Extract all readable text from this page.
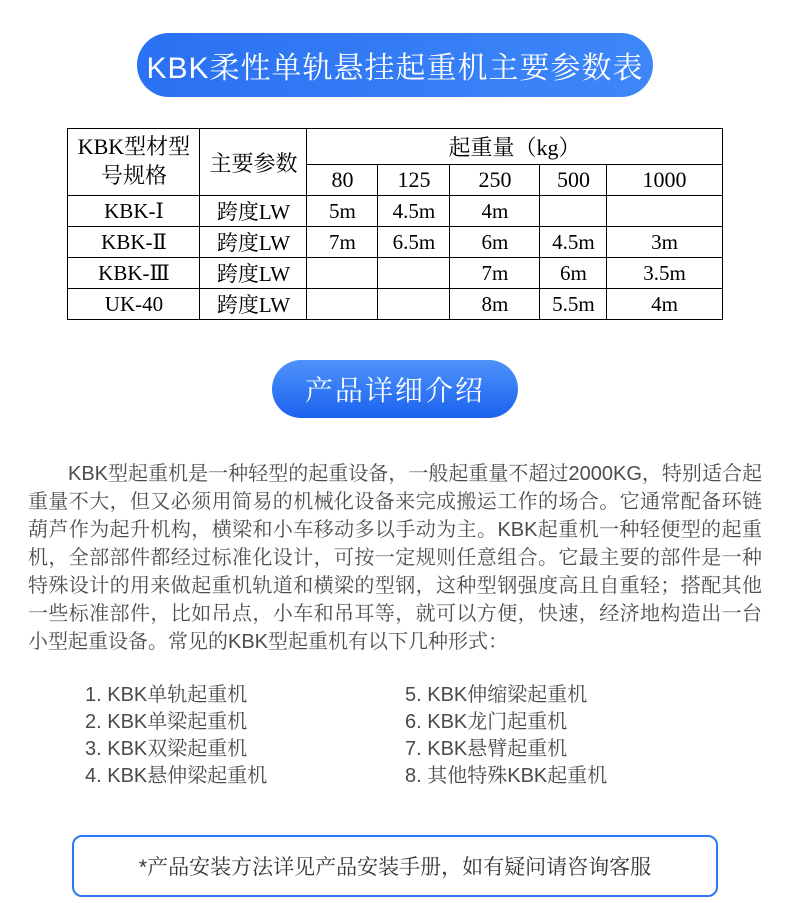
KBK柔性单轨悬挂起重机主要参数表
KBK型材型
号规格	主要参数	起重量（kg）				
		80	125	250	500	1000
KBK-Ⅰ	跨度LW	5m	4.5m	4m		
KBK-Ⅱ	跨度LW	7m	6.5m	6m	4.5m	3m
KBK-Ⅲ	跨度LW			7m	6m	3.5m
UK-40	跨度LW			8m	5.5m	4m
产品详细介绍

KBK型起重机是一种轻型的起重设备，一般起重量不超过2000KG，特别适合起重量不大，但又必须用简易的机械化设备来完成搬运工作的场合。它通常配备环链葫芦作为起升机构，横梁和小车移动多以手动为主。KBK起重机一种轻便型的起重机，全部部件都经过标准化设计，可按一定规则任意组合。它最主要的部件是一种特殊设计的用来做起重机轨道和横梁的型钢，这种型钢强度高且自重轻；搭配其他一些标准部件，比如吊点，小车和吊耳等，就可以方便，快速，经济地构造出一台小型起重设备。常见的KBK型起重机有以下几种形式：

1. KBK单轨起重机
2. KBK单梁起重机
3. KBK双梁起重机
4. KBK悬伸梁起重机
5. KBK伸缩梁起重机
6. KBK龙门起重机
7. KBK悬臂起重机
8. 其他特殊KBK起重机
*产品安装方法详见产品安装手册，如有疑问请咨询客服
